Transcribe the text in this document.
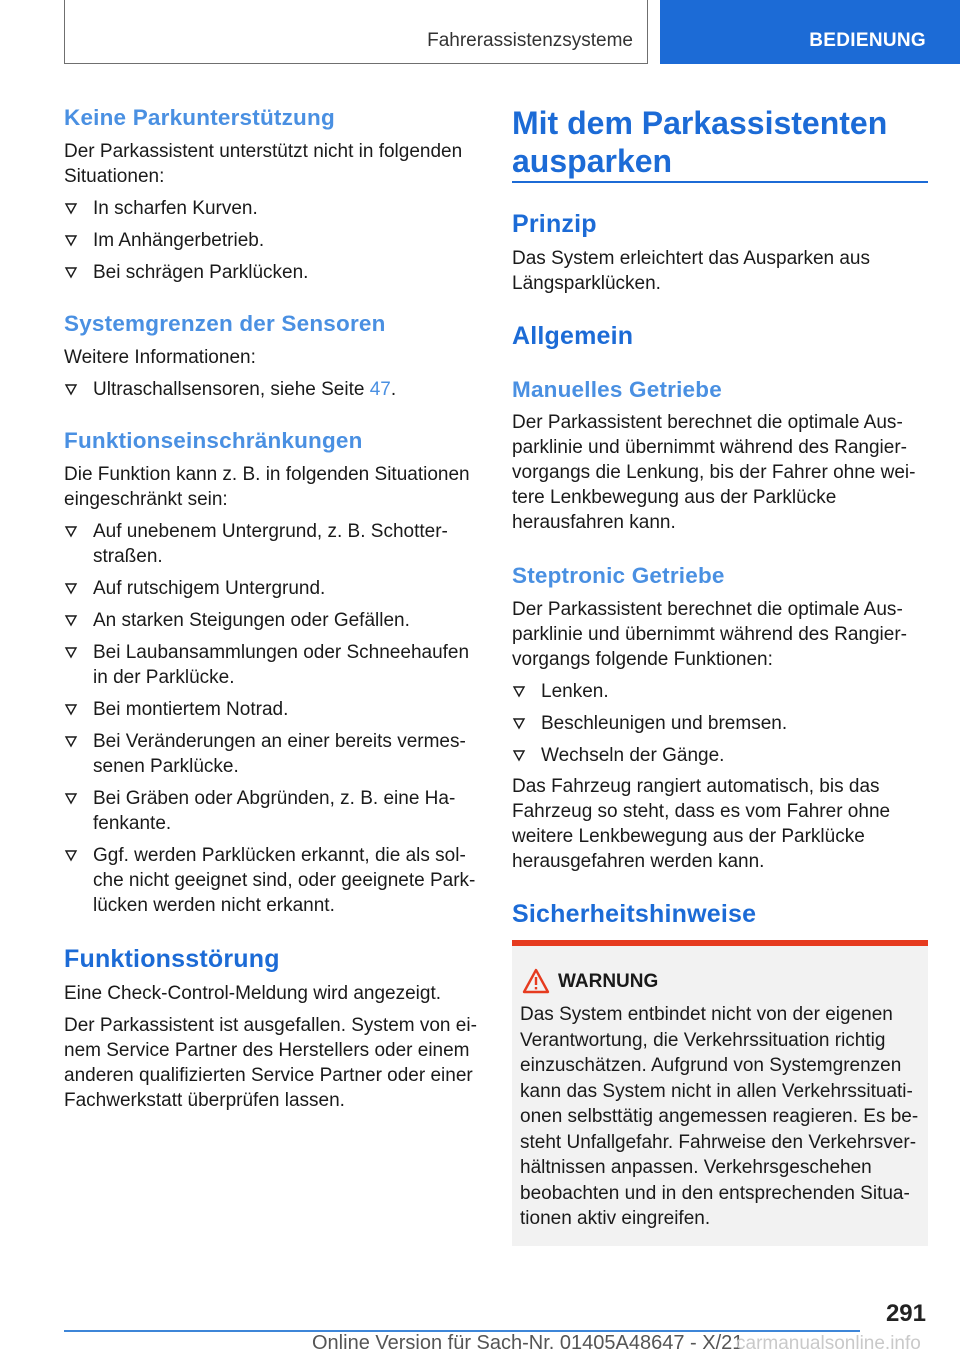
Fahrerassistenzsysteme	BEDIENUNG
Keine Parkunterstützung
Der Parkassistent unterstützt nicht in folgenden Situationen:
In scharfen Kurven.
Im Anhängerbetrieb.
Bei schrägen Parklücken.
Systemgrenzen der Sensoren
Weitere Informationen:
Ultraschallsensoren, siehe Seite 47.
Funktionseinschränkungen
Die Funktion kann z. B. in folgenden Situationen eingeschränkt sein:
Auf unebenem Untergrund, z. B. Schotterstraßen.
Auf rutschigem Untergrund.
An starken Steigungen oder Gefällen.
Bei Laubansammlungen oder Schneehaufen in der Parklücke.
Bei montiertem Notrad.
Bei Veränderungen an einer bereits vermessenen Parklücke.
Bei Gräben oder Abgründen, z. B. eine Hafenkante.
Ggf. werden Parklücken erkannt, die als solche nicht geeignet sind, oder geeignete Parklücken werden nicht erkannt.
Funktionsstörung
Eine Check-Control-Meldung wird angezeigt.
Der Parkassistent ist ausgefallen. System von einem Service Partner des Herstellers oder einem anderen qualifizierten Service Partner oder einer Fachwerkstatt überprüfen lassen.
Mit dem Parkassistenten ausparken
Prinzip
Das System erleichtert das Ausparken aus Längsparklücken.
Allgemein
Manuelles Getriebe
Der Parkassistent berechnet die optimale Ausparklinie und übernimmt während des Rangiervorgangs die Lenkung, bis der Fahrer ohne weitere Lenkbewegung aus der Parklücke herausfahren kann.
Steptronic Getriebe
Der Parkassistent berechnet die optimale Ausparklinie und übernimmt während des Rangiervorgangs folgende Funktionen:
Lenken.
Beschleunigen und bremsen.
Wechseln der Gänge.
Das Fahrzeug rangiert automatisch, bis das Fahrzeug so steht, dass es vom Fahrer ohne weitere Lenkbewegung aus der Parklücke herausgefahren werden kann.
Sicherheitshinweise
WARNUNG
Das System entbindet nicht von der eigenen Verantwortung, die Verkehrssituation richtig einzuschätzen. Aufgrund von Systemgrenzen kann das System nicht in allen Verkehrssituationen selbsttätig angemessen reagieren. Es besteht Unfallgefahr. Fahrweise den Verkehrsverhältnissen anpassen. Verkehrsgeschehen beobachten und in den entsprechenden Situationen aktiv eingreifen.
291
Online Version für Sach-Nr. 01405A48647 - X/21
carmanualsonline.info
